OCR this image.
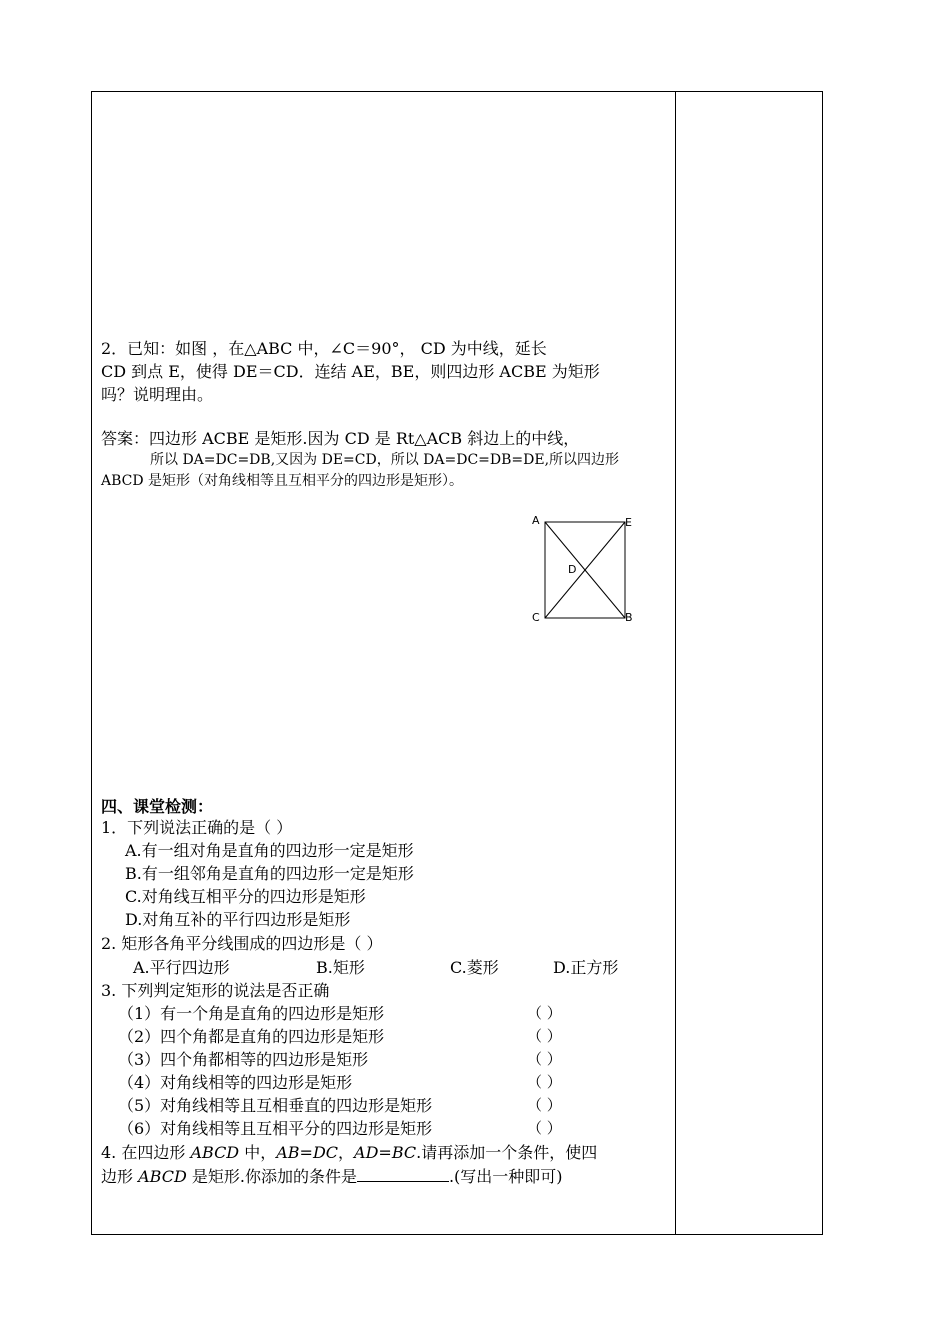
2．已知：如图 ，在△ABC 中，∠C＝90°， CD 为中线，延长
CD 到点 E，使得 DE＝CD．连结 AE，BE，则四边形 ACBE 为矩形
吗？说明理由。
答案：四边形 ACBE 是矩形.因为 CD 是 Rt△ACB 斜边上的中线，
所以 DA=DC=DB,又因为 DE=CD，所以 DA=DC=DB=DE,所以四边形
ABCD 是矩形（对角线相等且互相平分的四边形是矩形）。
A	E
D
C	B
四、课堂检测：
1．下列说法正确的是（ ）
A.有一组对角是直角的四边形一定是矩形
B.有一组邻角是直角的四边形一定是矩形
C.对角线互相平分的四边形是矩形
D.对角互补的平行四边形是矩形
2. 矩形各角平分线围成的四边形是（ ）
A.平行四边形	B.矩形	C.菱形	D.正方形
3. 下列判定矩形的说法是否正确
（1）有一个角是直角的四边形是矩形	（ ）
（2）四个角都是直角的四边形是矩形	（ ）
（3）四个角都相等的四边形是矩形	（ ）
（4）对角线相等的四边形是矩形	（ ）
（5）对角线相等且互相垂直的四边形是矩形	（ ）
（6）对角线相等且互相平分的四边形是矩形	（ ）
4. 在四边形 ABCD 中，AB=DC，AD=BC.请再添加一个条件，使四
边形 ABCD 是矩形.你添加的条件是	.(写出一种即可)
